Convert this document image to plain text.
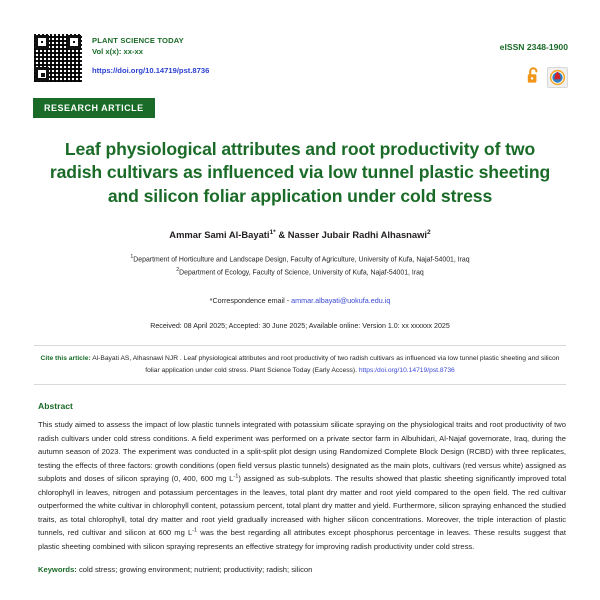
PLANT SCIENCE TODAY
Vol x(x): xx-xx
https://doi.org/10.14719/pst.8736
eISSN 2348-1900
RESEARCH ARTICLE
Leaf physiological attributes and root productivity of two radish cultivars as influenced via low tunnel plastic sheeting and silicon foliar application under cold stress
Ammar Sami Al-Bayati$^{1*}$ & Nasser Jubair Radhi Alhasnawi$^2$
$^1$Department of Horticulture and Landscape Design, Faculty of Agriculture, University of Kufa, Najaf-54001, Iraq
$^2$Department of Ecology, Faculty of Science, University of Kufa, Najaf-54001, Iraq
*Correspondence email - ammar.albayati@uokufa.edu.iq
Received: 08 April 2025; Accepted: 30 June 2025; Available online: Version 1.0: xx xxxxxx 2025
Cite this article: Al-Bayati AS, Alhasnawi NJR . Leaf physiological attributes and root productivity of two radish cultivars as influenced via low tunnel plastic sheeting and silicon foliar application under cold stress. Plant Science Today (Early Access). https:/doi.org/10.14719/pst.8736
Abstract
This study aimed to assess the impact of low plastic tunnels integrated with potassium silicate spraying on the physiological traits and root productivity of two radish cultivars under cold stress conditions. A field experiment was performed on a private sector farm in Albuhidari, Al-Najaf governorate, Iraq, during the autumn season of 2023. The experiment was conducted in a split-split plot design using Randomized Complete Block Design (RCBD) with three replicates, testing the effects of three factors: growth conditions (open field versus plastic tunnels) designated as the main plots, cultivars (red versus white) assigned as subplots and doses of silicon spraying (0, 400, 600 mg $L^{-1}$) assigned as sub-subplots. The results showed that plastic sheeting significantly improved total chlorophyll in leaves, nitrogen and potassium percentages in the leaves, total plant dry matter and root yield compared to the open field. The red cultivar outperformed the white cultivar in chlorophyll content, potassium percent, total plant dry matter and yield. Furthermore, silicon spraying enhanced the studied traits, as total chlorophyll, total dry matter and root yield gradually increased with higher silicon concentrations. Moreover, the triple interaction of plastic tunnels, red cultivar and silicon at 600 mg $L^{-1}$ was the best regarding all attributes except phosphorus percentage in leaves. These results suggest that plastic sheeting combined with silicon spraying represents an effective strategy for improving radish productivity under cold stress.
Keywords: cold stress; growing environment; nutrient; productivity; radish; silicon
